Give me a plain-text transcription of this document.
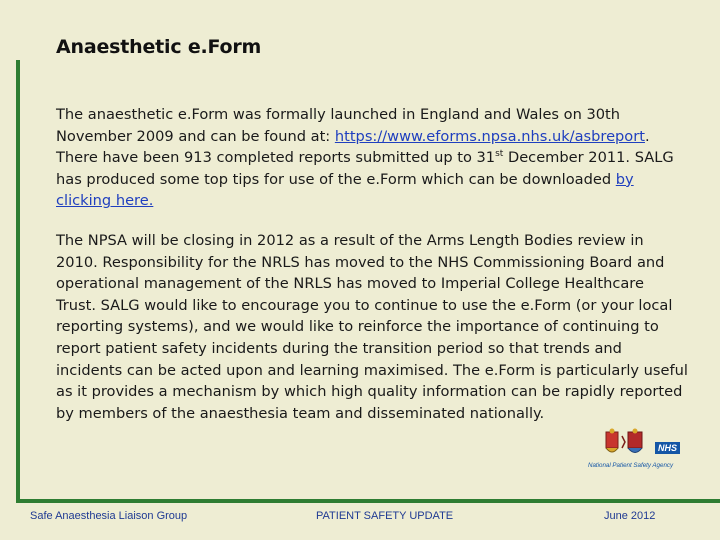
Anaesthetic e.Form

The anaesthetic e.Form was formally launched in England and Wales on 30th November 2009 and can be found at: https://www.eforms.npsa.nhs.uk/asbreport. There have been 913 completed reports submitted up to 31st December 2011. SALG has produced some top tips for use of the e.Form which can be downloaded by clicking here.

The NPSA will be closing in 2012 as a result of the Arms Length Bodies review in 2010. Responsibility for the NRLS has moved to the NHS Commissioning Board and operational management of the NRLS has moved to Imperial College Healthcare Trust. SALG would like to encourage you to continue to use the e.Form (or your local reporting systems), and we would like to reinforce the importance of continuing to report patient safety incidents during the transition period so that trends and incidents can be acted upon and learning maximised. The e.Form is particularly useful as it provides a mechanism by which high quality information can be rapidly reported by members of the anaesthesia team and disseminated nationally.

NHS
National Patient Safety Agency
Safe Anaesthesia Liaison Group	PATIENT SAFETY UPDATE	June 2012
